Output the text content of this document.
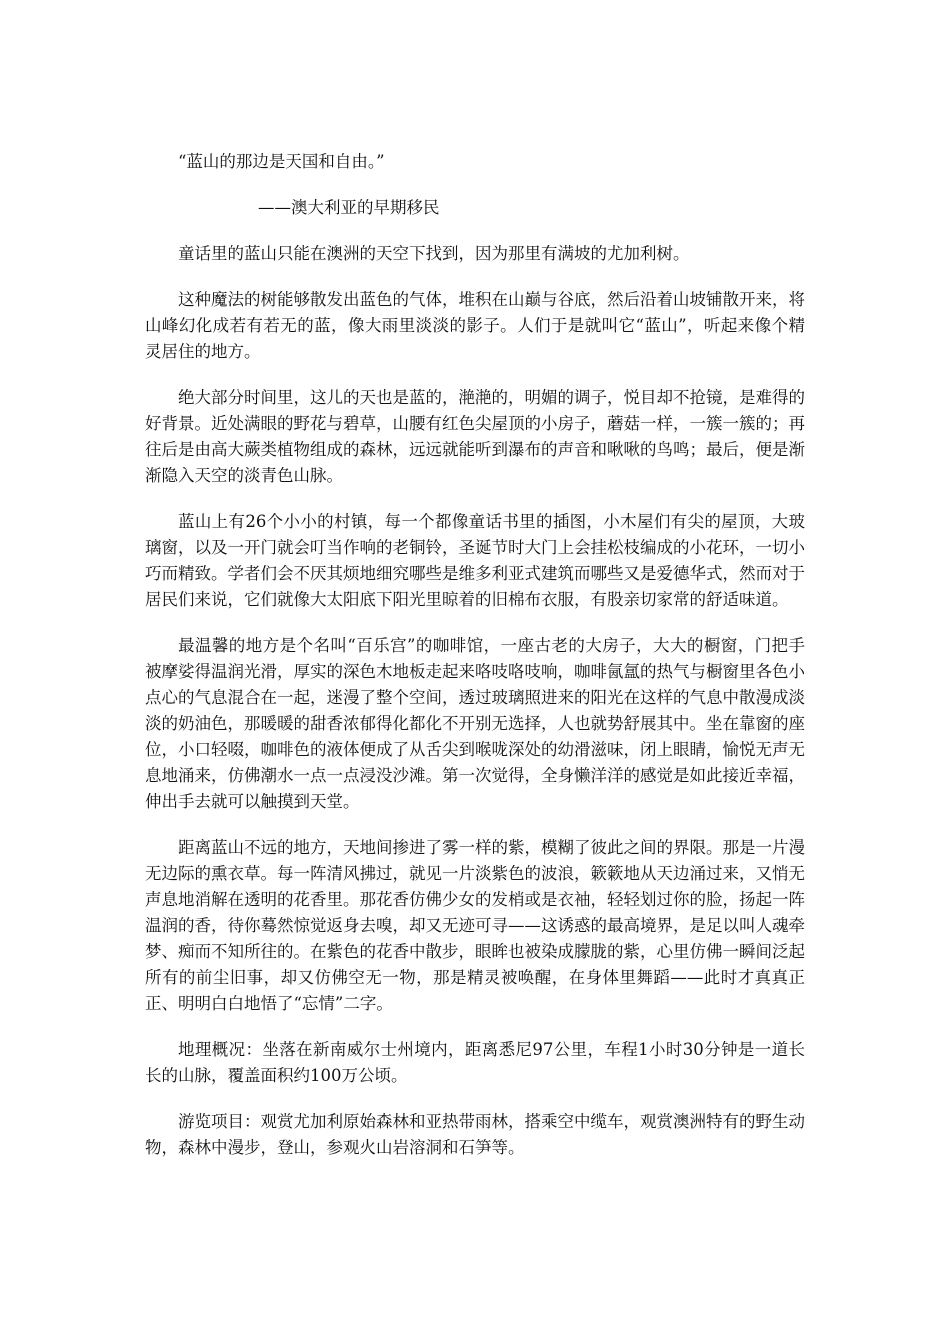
“蓝山的那边是天国和自由。”

——澳大利亚的早期移民

童话里的蓝山只能在澳洲的天空下找到，因为那里有满坡的尤加利树。

这种魔法的树能够散发出蓝色的气体，堆积在山巅与谷底，然后沿着山坡铺散开来，将山峰幻化成若有若无的蓝，像大雨里淡淡的影子。人们于是就叫它“蓝山”，听起来像个精灵居住的地方。

绝大部分时间里，这儿的天也是蓝的，滟滟的，明媚的调子，悦目却不抢镜，是难得的好背景。近处满眼的野花与碧草，山腰有红色尖屋顶的小房子，蘑菇一样，一簇一簇的；再往后是由高大蕨类植物组成的森林，远远就能听到瀑布的声音和啾啾的鸟鸣；最后，便是渐渐隐入天空的淡青色山脉。

蓝山上有26个小小的村镇，每一个都像童话书里的插图，小木屋们有尖的屋顶，大玻璃窗，以及一开门就会叮当作响的老铜铃，圣诞节时大门上会挂松枝编成的小花环，一切小巧而精致。学者们会不厌其烦地细究哪些是维多利亚式建筑而哪些又是爱德华式，然而对于居民们来说，它们就像大太阳底下阳光里晾着的旧棉布衣服，有股亲切家常的舒适味道。

最温馨的地方是个名叫“百乐宫”的咖啡馆，一座古老的大房子，大大的橱窗，门把手被摩娑得温润光滑，厚实的深色木地板走起来咯吱咯吱响，咖啡氤氲的热气与橱窗里各色小点心的气息混合在一起，迷漫了整个空间，透过玻璃照进来的阳光在这样的气息中散漫成淡淡的奶油色，那暖暖的甜香浓郁得化都化不开别无选择，人也就势舒展其中。坐在靠窗的座位，小口轻啜，咖啡色的液体便成了从舌尖到喉咙深处的幼滑滋味，闭上眼睛，愉悦无声无息地涌来，仿佛潮水一点一点浸没沙滩。第一次觉得，全身懒洋洋的感觉是如此接近幸福，伸出手去就可以触摸到天堂。

距离蓝山不远的地方，天地间掺进了雾一样的紫，模糊了彼此之间的界限。那是一片漫无边际的熏衣草。每一阵清风拂过，就见一片淡紫色的波浪，簌簌地从天边涌过来，又悄无声息地消解在透明的花香里。那花香仿佛少女的发梢或是衣袖，轻轻划过你的脸，扬起一阵温润的香，待你蓦然惊觉返身去嗅，却又无迹可寻——这诱惑的最高境界，是足以叫人魂牵梦、痴而不知所往的。在紫色的花香中散步，眼眸也被染成朦胧的紫，心里仿佛一瞬间泛起所有的前尘旧事，却又仿佛空无一物，那是精灵被唤醒，在身体里舞蹈——此时才真真正正、明明白白地悟了“忘情”二字。

地理概况：坐落在新南威尔士州境内，距离悉尼97公里，车程1小时30分钟是一道长长的山脉，覆盖面积约100万公顷。

游览项目：观赏尤加利原始森林和亚热带雨林，搭乘空中缆车，观赏澳洲特有的野生动物，森林中漫步，登山，参观火山岩溶洞和石笋等。
